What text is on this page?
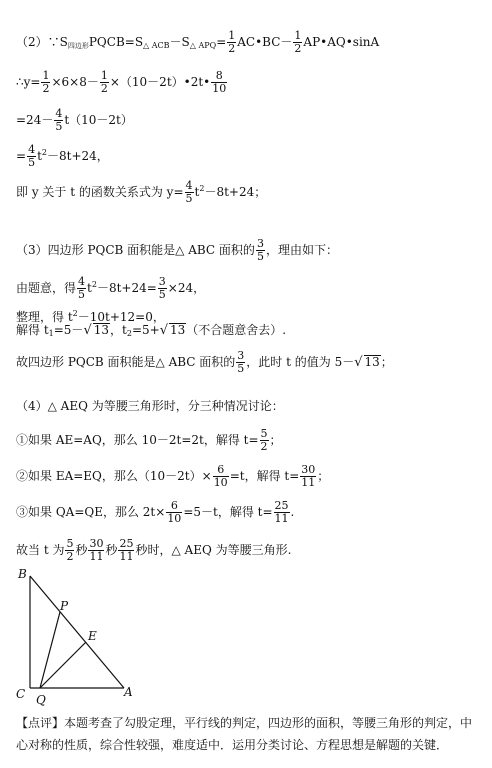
（2）∵S四边形$PQCB=S_{\triangle ACB}-S_{\triangle APQ}= \frac{1}{2}$ AC•BC－ $\frac{1}{2}$ AP•AQ•sinA
∴y= $\frac{1}{2} \times 6\times 8- \frac{1}{2}$ ×（10－2t）•2t• $\frac{8}{10}$
$=24- \frac{4}{5} t(10-2t)$
= $\frac{4}{5} t^2-8t+24$，
即 y 关于 t 的函数关系式为 $y= \frac{4}{5} t^2-8t+24$；
（3）四边形 PQCB 面积能是△ ABC 面积的 $\frac{3}{5}$ ，理由如下：
由题意，得 $\frac{4}{5} t^2-8t+24= \frac{3}{5} \times 24$，
整理，得 $t^2-10t+12=0$，
解得 $t_1=5-√$ 13，$t_2=5+√$ 13（不合题意舍去）.
故四边形 PQCB 面积能是△ ABC 面积的 $\frac{3}{5}$ ，此时 t 的值为 5－√ 13；
（4）△ AEQ 为等腰三角形时，分三种情况讨论：
①如果 AE=AQ，那么 10－2t=2t，解得 $t= \frac{5}{2}$ ；
②如果 EA=EQ，那么$(10-2t)\times \frac{6}{10} =t$，解得 $t= \frac{30}{11}$ ；
③如果 QA=QE，那么 $2t\times \frac{6}{10} =5-t$，解得 $t= \frac{25}{11}$ .
故当 t 为 $\frac{5}{2}$ 秒 $\frac{30}{11}$ 秒 $\frac{25}{11}$ 秒时，△ AEQ 为等腰三角形.
B
P
E
C Q
A
【点评】本题考查了勾股定理，平行线的判定，四边形的面积，等腰三角形的判定，中心对称的性质，综合性较强，难度适中．运用分类讨论、方程思想是解题的关键．
